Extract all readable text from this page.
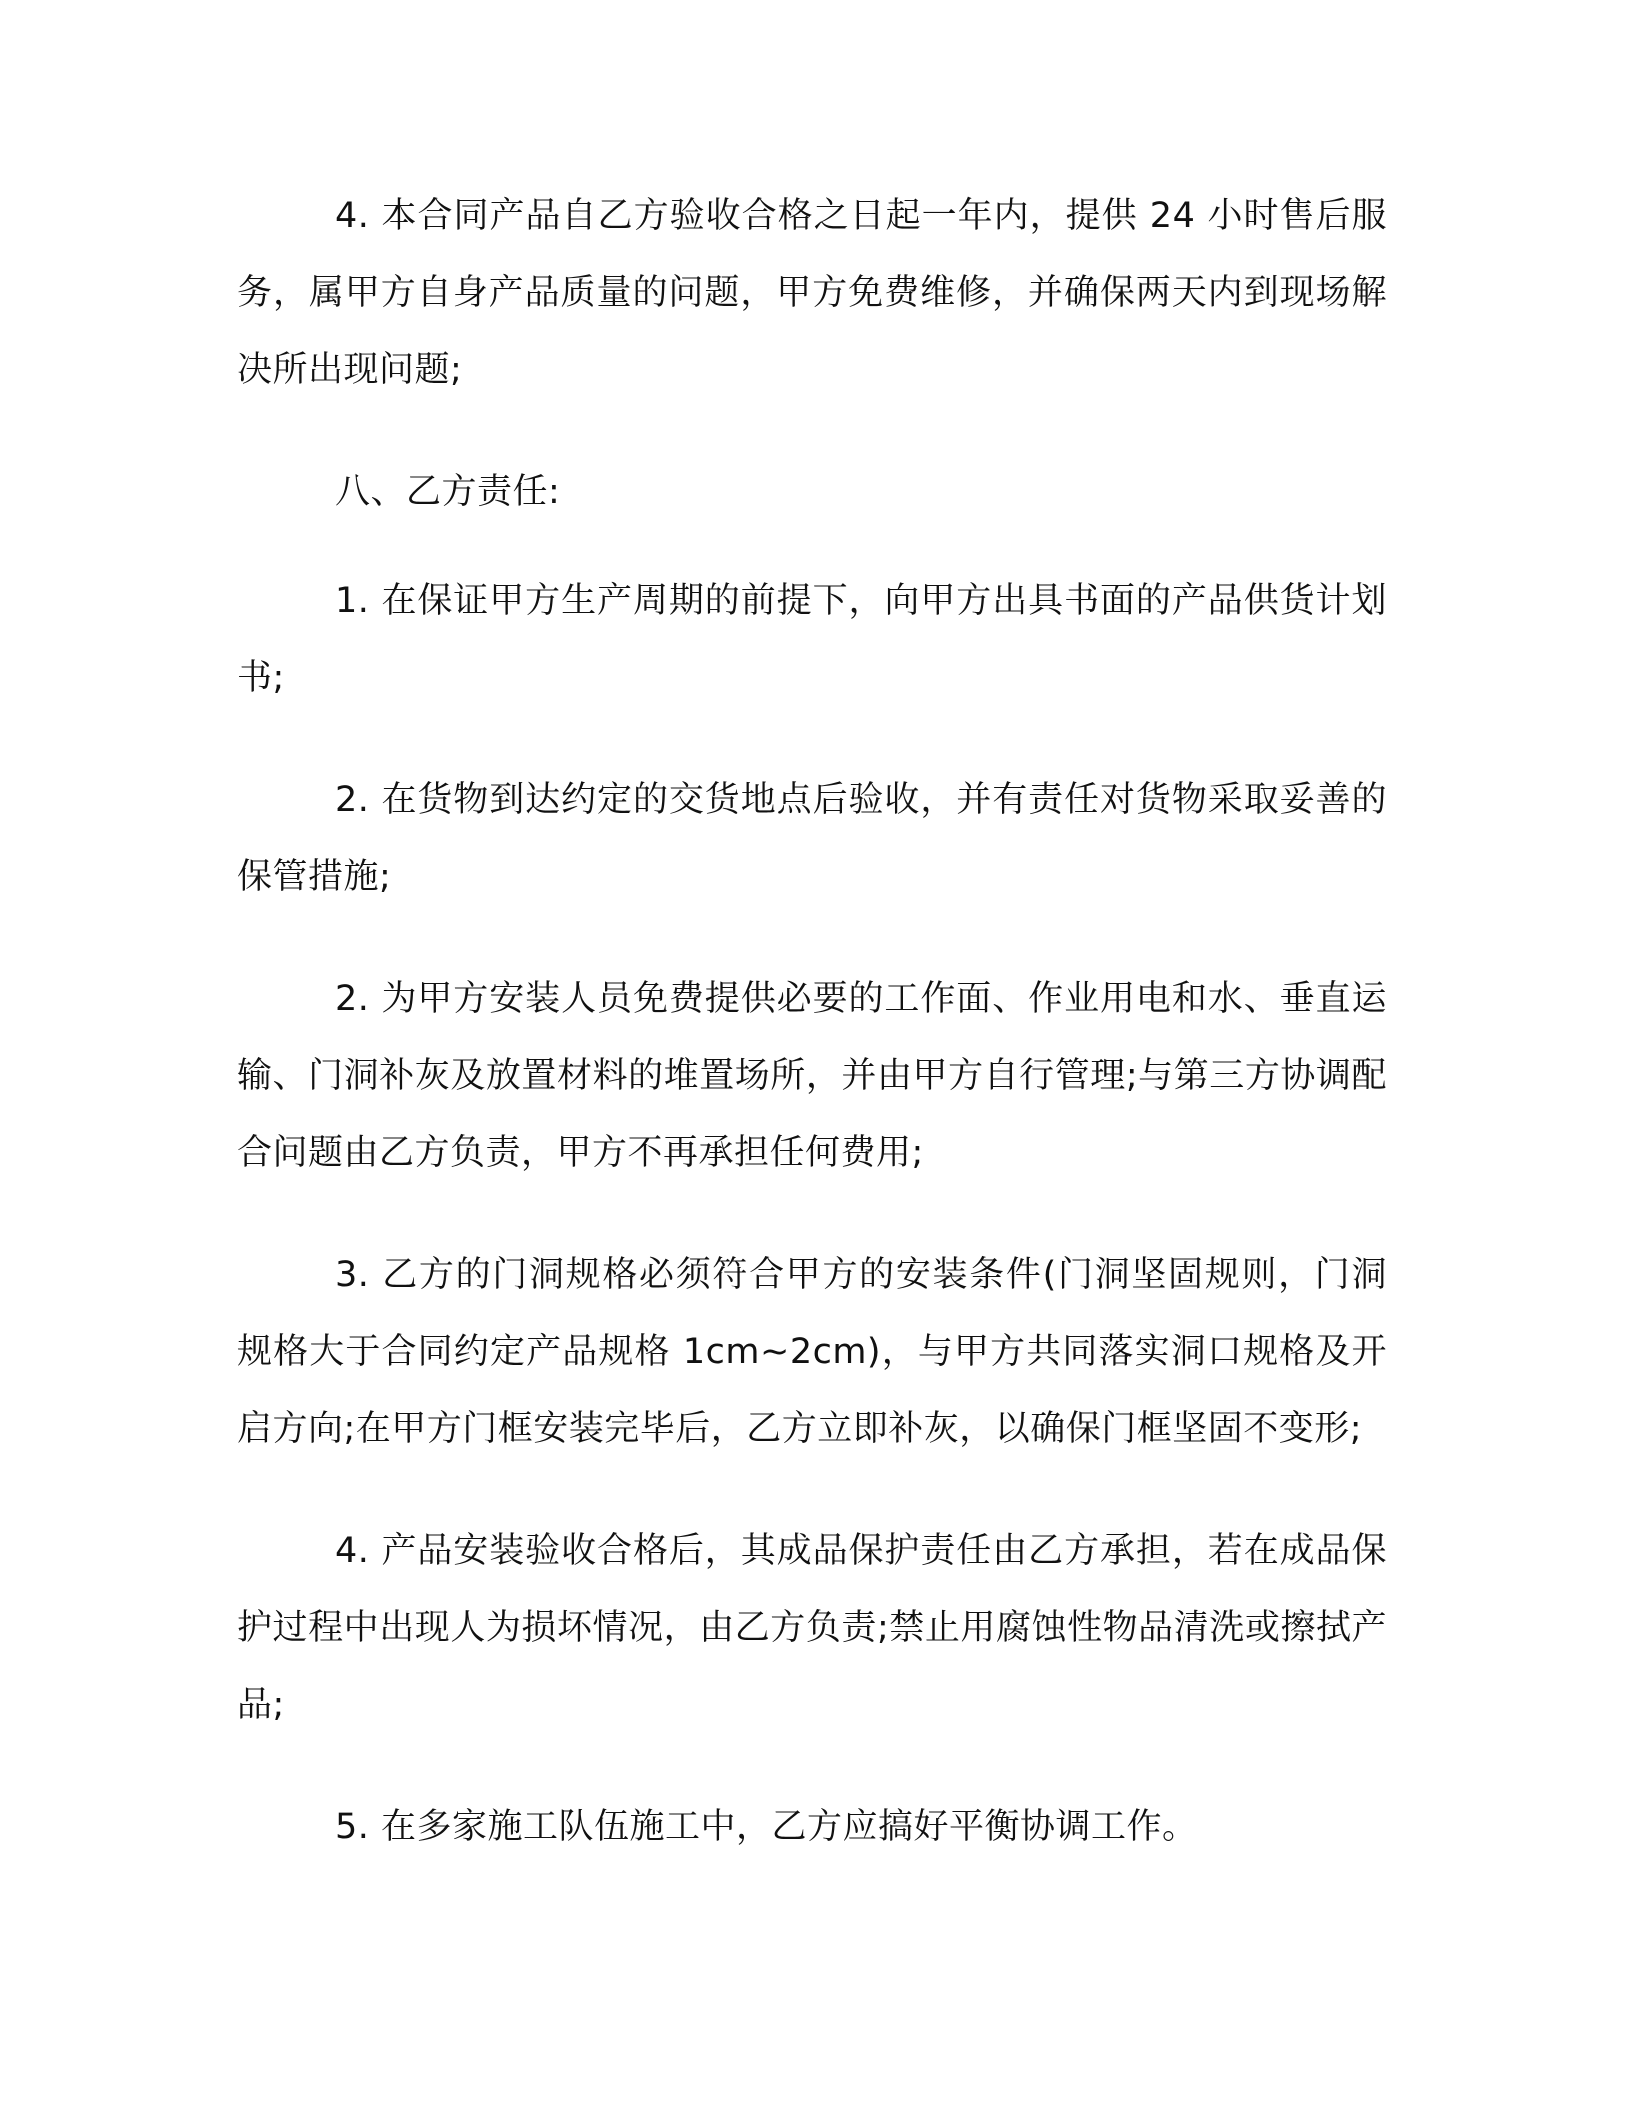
4. 本合同产品自乙方验收合格之日起一年内，提供 24 小时售后服务，属甲方自身产品质量的问题，甲方免费维修，并确保两天内到现场解决所出现问题;

八、乙方责任:

1. 在保证甲方生产周期的前提下，向甲方出具书面的产品供货计划书;

2. 在货物到达约定的交货地点后验收，并有责任对货物采取妥善的保管措施;

2. 为甲方安装人员免费提供必要的工作面、作业用电和水、垂直运输、门洞补灰及放置材料的堆置场所，并由甲方自行管理;与第三方协调配合问题由乙方负责，甲方不再承担任何费用;

3. 乙方的门洞规格必须符合甲方的安装条件(门洞坚固规则，门洞规格大于合同约定产品规格 1cm~2cm)，与甲方共同落实洞口规格及开启方向;在甲方门框安装完毕后，乙方立即补灰，以确保门框坚固不变形;

4. 产品安装验收合格后，其成品保护责任由乙方承担，若在成品保护过程中出现人为损坏情况，由乙方负责;禁止用腐蚀性物品清洗或擦拭产品;

5. 在多家施工队伍施工中，乙方应搞好平衡协调工作。
